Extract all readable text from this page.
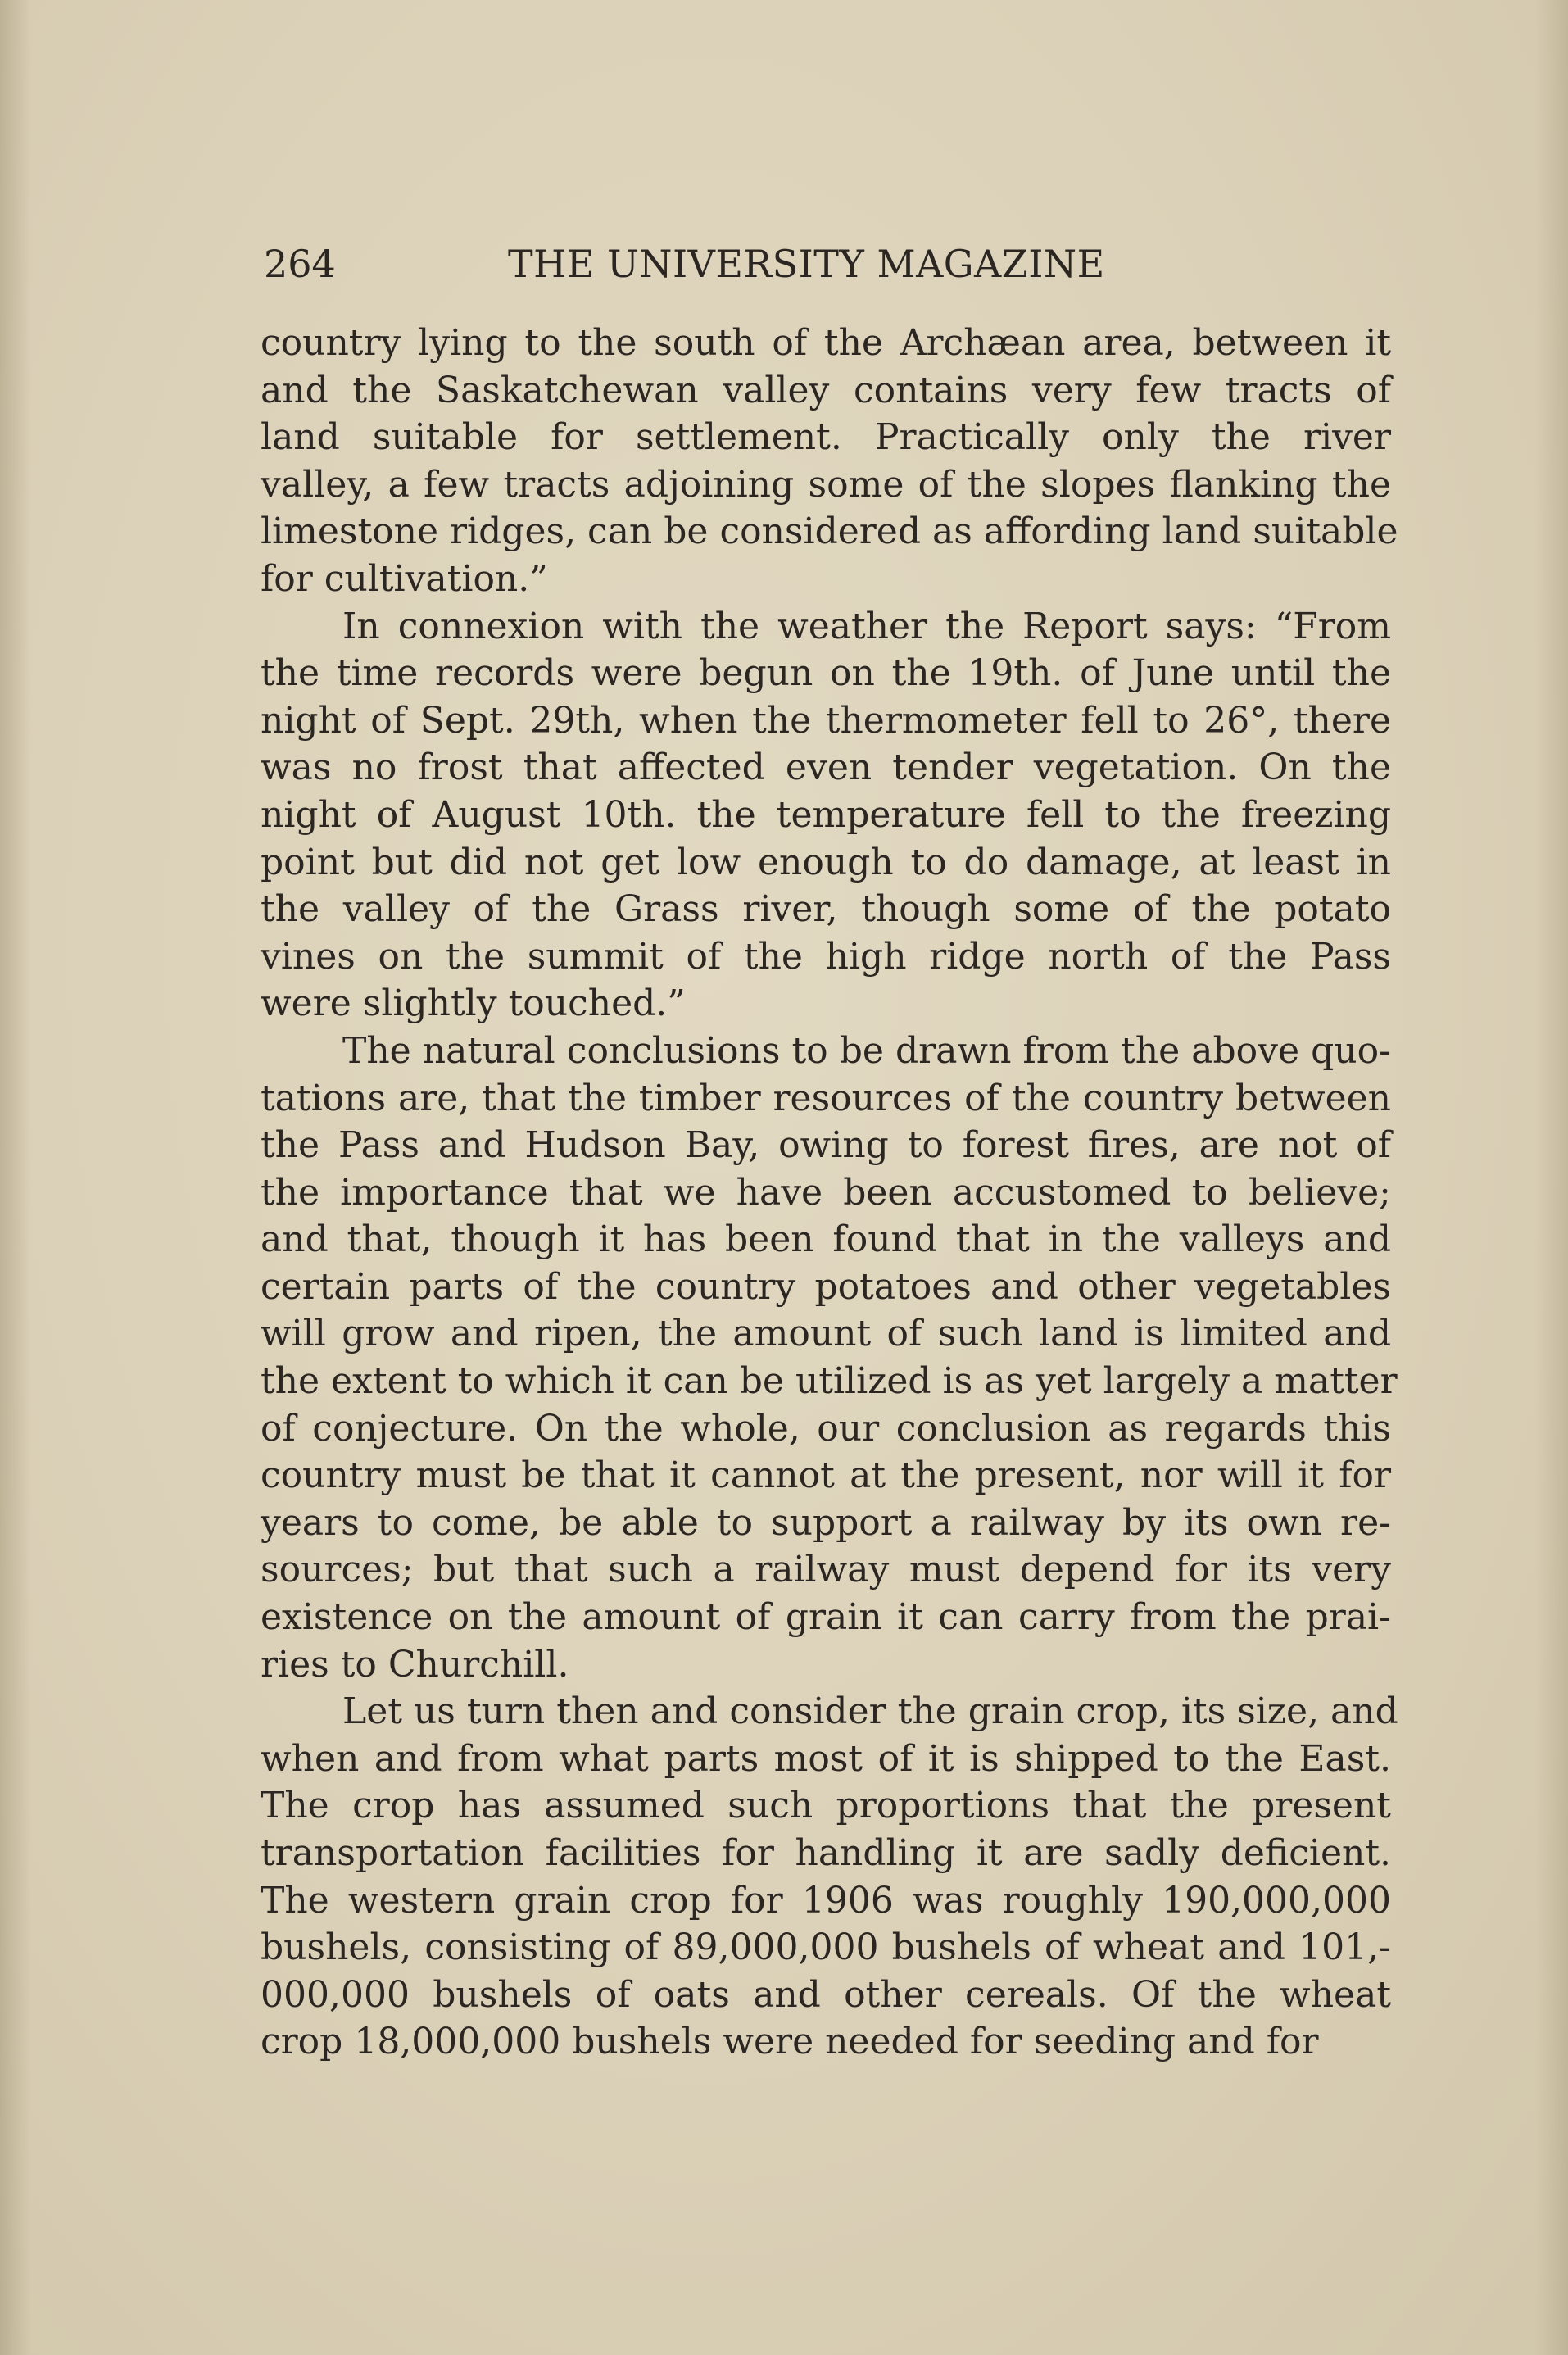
264	THE UNIVERSITY MAGAZINE
country lying to the south of the Archæan area, between it
and the Saskatchewan valley contains very few tracts of
land suitable for settlement. Practically only the river
valley, a few tracts adjoining some of the slopes flanking the
limestone ridges, can be considered as affording land suitable
for cultivation.”
In connexion with the weather the Report says: “From
the time records were begun on the 19th. of June until the
night of Sept. 29th, when the thermometer fell to 26°, there
was no frost that affected even tender vegetation. On the
night of August 10th. the temperature fell to the freezing
point but did not get low enough to do damage, at least in
the valley of the Grass river, though some of the potato
vines on the summit of the high ridge north of the Pass
were slightly touched.”
The natural conclusions to be drawn from the above quo-
tations are, that the timber resources of the country between
the Pass and Hudson Bay, owing to forest fires, are not of
the importance that we have been accustomed to believe;
and that, though it has been found that in the valleys and
certain parts of the country potatoes and other vegetables
will grow and ripen, the amount of such land is limited and
the extent to which it can be utilized is as yet largely a matter
of conjecture. On the whole, our conclusion as regards this
country must be that it cannot at the present, nor will it for
years to come, be able to support a railway by its own re-
sources; but that such a railway must depend for its very
existence on the amount of grain it can carry from the prai-
ries to Churchill.
Let us turn then and consider the grain crop, its size, and
when and from what parts most of it is shipped to the East.
The crop has assumed such proportions that the present
transportation facilities for handling it are sadly deficient.
The western grain crop for 1906 was roughly 190,000,000
bushels, consisting of 89,000,000 bushels of wheat and 101,-
000,000 bushels of oats and other cereals. Of the wheat
crop 18,000,000 bushels were needed for seeding and for
